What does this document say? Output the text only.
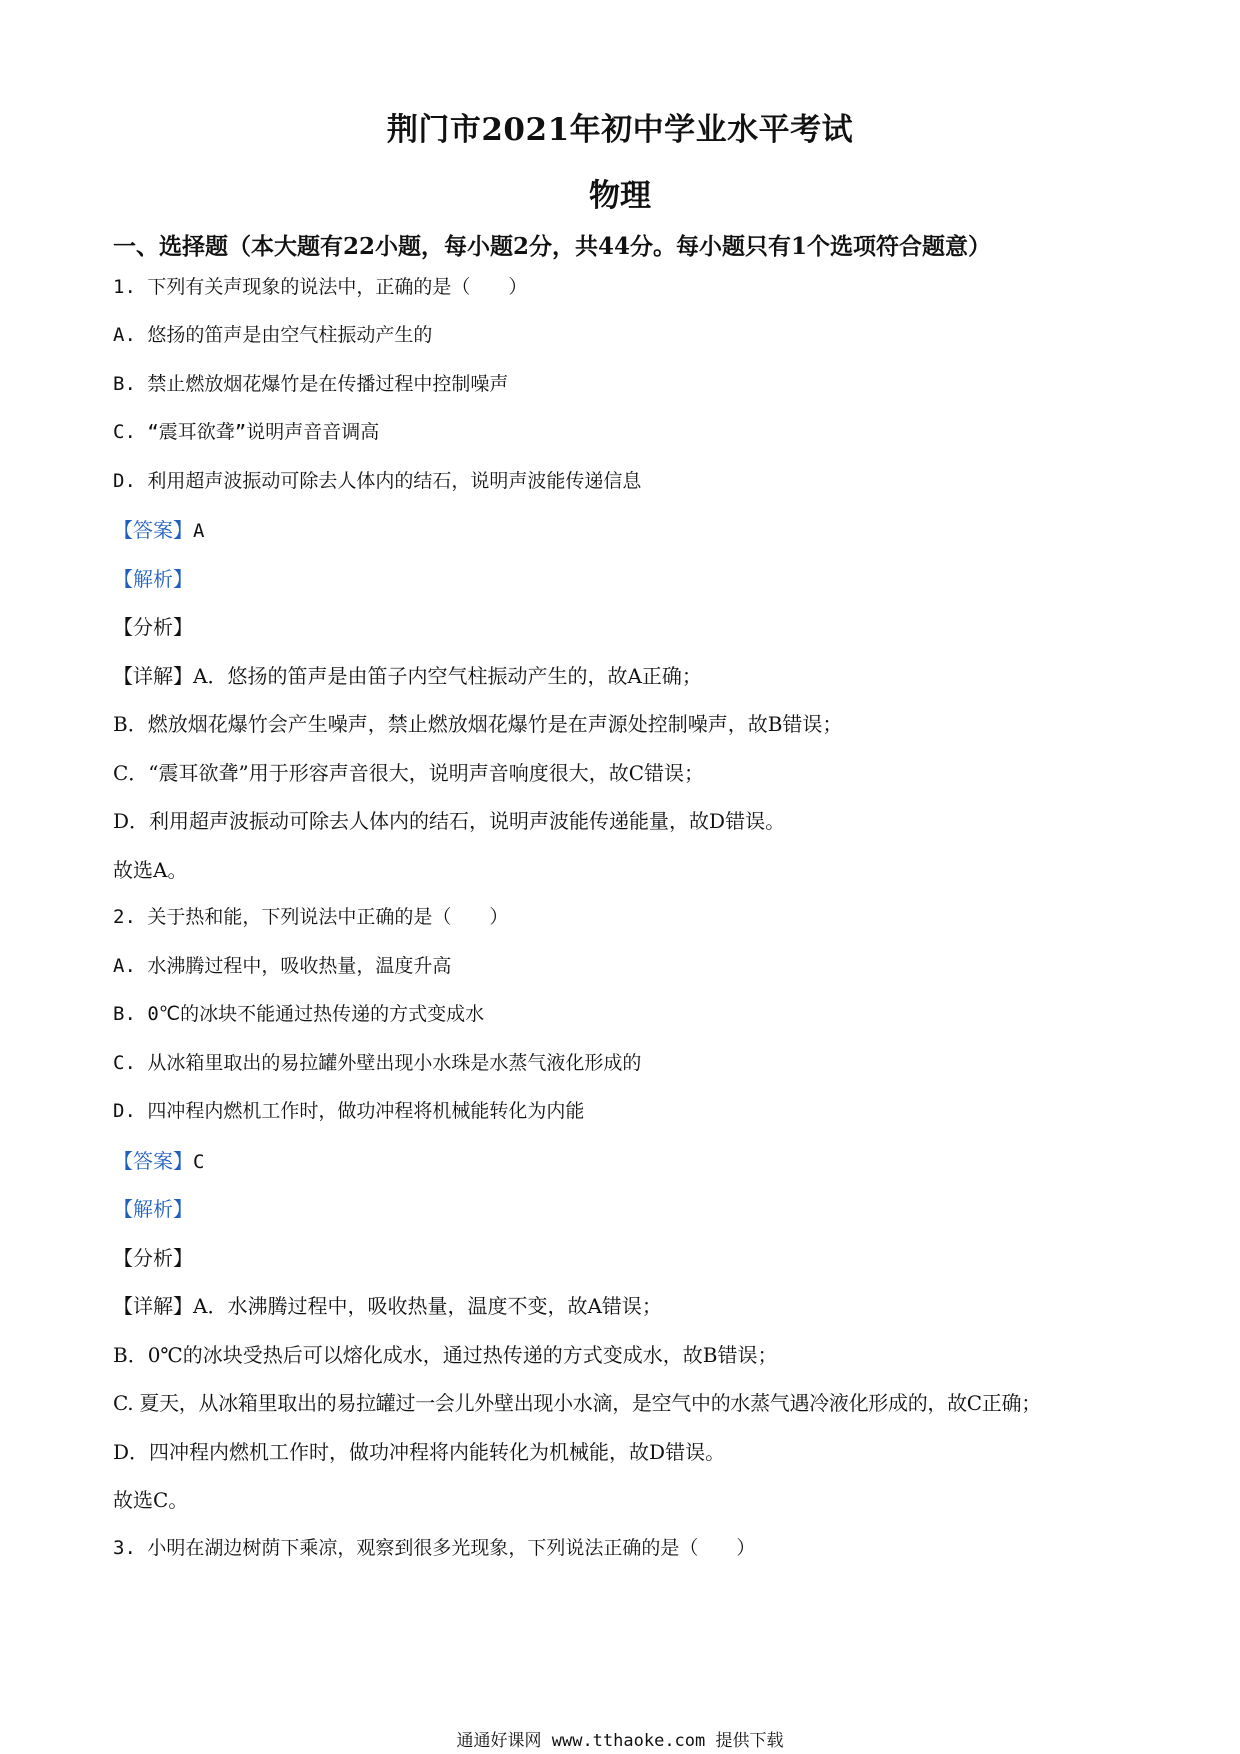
荆门市2021年初中学业水平考试
物理
一、选择题（本大题有22小题，每小题2分，共44分。每小题只有1个选项符合题意）
1. 下列有关声现象的说法中，正确的是（　　）
A. 悠扬的笛声是由空气柱振动产生的
B. 禁止燃放烟花爆竹是在传播过程中控制噪声
C. “震耳欲聋”说明声音音调高
D. 利用超声波振动可除去人体内的结石，说明声波能传递信息
【答案】A
【解析】
【分析】
【详解】A．悠扬的笛声是由笛子内空气柱振动产生的，故A正确；
B．燃放烟花爆竹会产生噪声，禁止燃放烟花爆竹是在声源处控制噪声，故B错误；
C．“震耳欲聋”用于形容声音很大，说明声音响度很大，故C错误；
D．利用超声波振动可除去人体内的结石，说明声波能传递能量，故D错误。
故选A。
2. 关于热和能，下列说法中正确的是（　　）
A. 水沸腾过程中，吸收热量，温度升高
B. 0℃的冰块不能通过热传递的方式变成水
C. 从冰箱里取出的易拉罐外壁出现小水珠是水蒸气液化形成的
D. 四冲程内燃机工作时，做功冲程将机械能转化为内能
【答案】C
【解析】
【分析】
【详解】A．水沸腾过程中，吸收热量，温度不变，故A错误；
B．0℃的冰块受热后可以熔化成水，通过热传递的方式变成水，故B错误；
C. 夏天，从冰箱里取出的易拉罐过一会儿外壁出现小水滴，是空气中的水蒸气遇冷液化形成的，故C正确；
D．四冲程内燃机工作时，做功冲程将内能转化为机械能，故D错误。
故选C。
3. 小明在湖边树荫下乘凉，观察到很多光现象，下列说法正确的是（　　）
通通好课网 www.tthaoke.com 提供下载
